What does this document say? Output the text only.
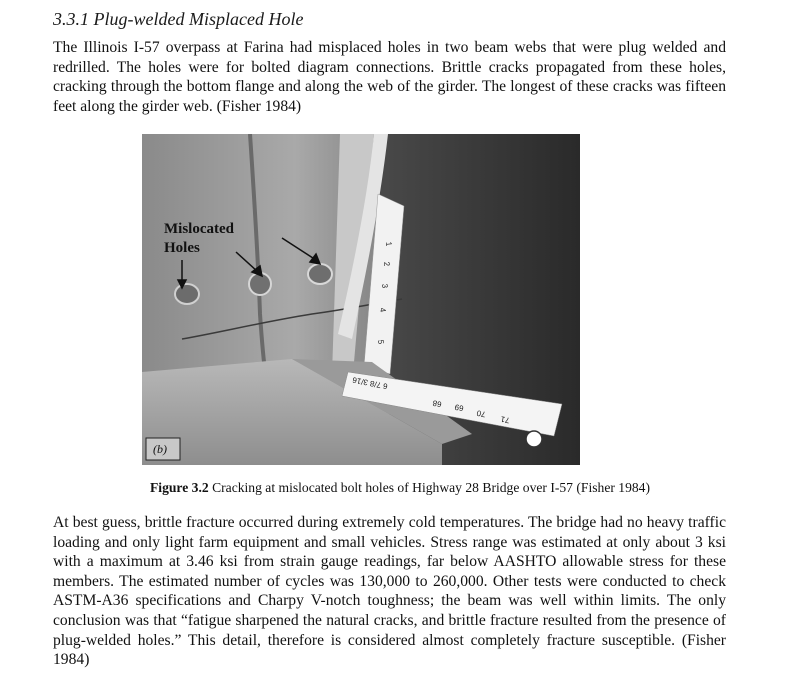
3.3.1 Plug-welded Misplaced Hole

The Illinois I-57 overpass at Farina had misplaced holes in two beam webs that were plug welded and redrilled. The holes were for bolted diagram connections. Brittle cracks propagated from these holes, cracking through the bottom flange and along the web of the girder. The longest of these cracks was fifteen feet along the girder web. (Fisher 1984)

Mislocated
Holes	1
2
3
4
5
6 7/8 3/16
68 69
70
71
(b)

Figure 3.2 Cracking at mislocated bolt holes of Highway 28 Bridge over I-57 (Fisher 1984)

At best guess, brittle fracture occurred during extremely cold temperatures. The bridge had no heavy traffic loading and only light farm equipment and small vehicles. Stress range was estimated at only about 3 ksi with a maximum at 3.46 ksi from strain gauge readings, far below AASHTO allowable stress for these members. The estimated number of cycles was 130,000 to 260,000. Other tests were conducted to check ASTM-A36 specifications and Charpy V-notch toughness; the beam was well within limits. The only conclusion was that “fatigue sharpened the natural cracks, and brittle fracture resulted from the presence of plug-welded holes.” This detail, therefore is considered almost completely fracture susceptible. (Fisher 1984)
